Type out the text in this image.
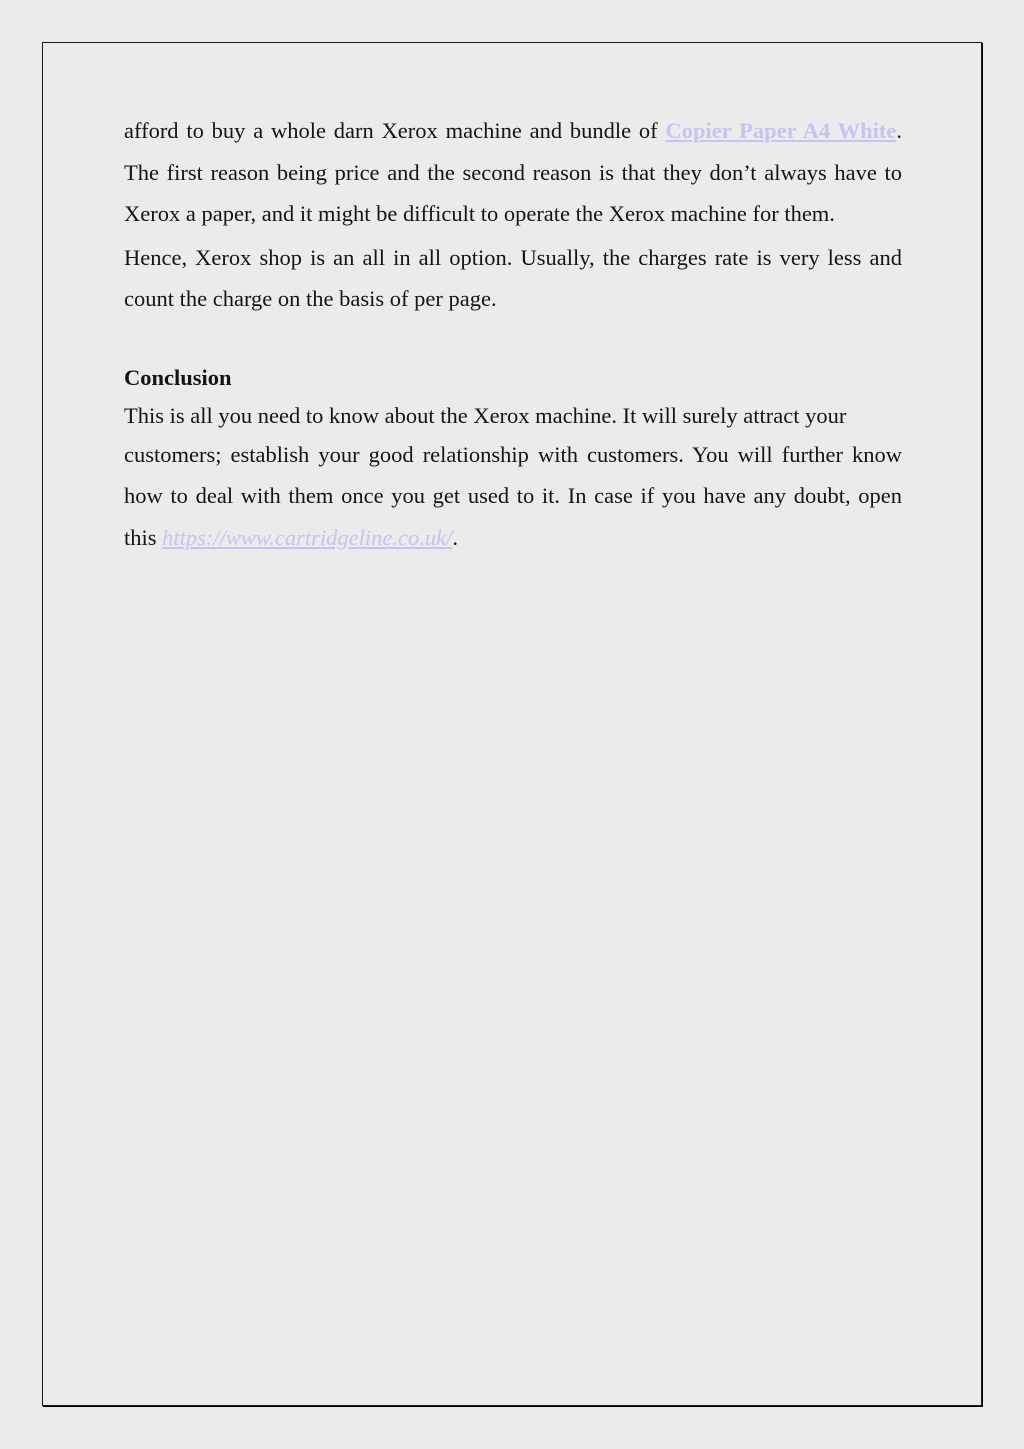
afford to buy a whole darn Xerox machine and bundle of Copier Paper A4 White. The first reason being price and the second reason is that they don’t always have to Xerox a paper, and it might be difficult to operate the Xerox machine for them.

Hence, Xerox shop is an all in all option. Usually, the charges rate is very less and count the charge on the basis of per page.

Conclusion

This is all you need to know about the Xerox machine. It will surely attract your

customers; establish your good relationship with customers. You will further know how to deal with them once you get used to it. In case if you have any doubt, open this https://www.cartridgeline.co.uk/.
